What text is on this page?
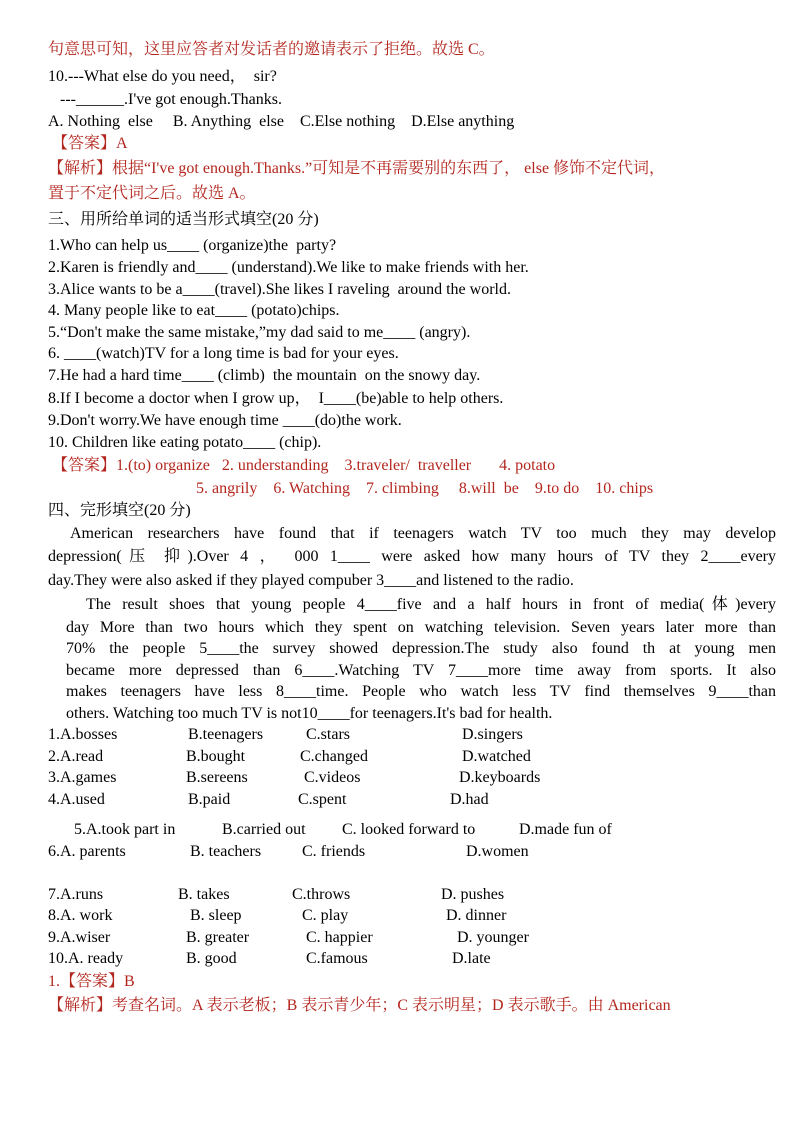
句意思可知，这里应答者对发话者的邀请表示了拒绝。故选 C。
10.---What else do you need，  sir?
---______.I've got enough.Thanks.
A. Nothing  else     B. Anything  else    C.Else nothing    D.Else anything
【答案】A
【解析】根据“I've got enough.Thanks.”可知是不再需要别的东西了， else 修饰不定代词，
置于不定代词之后。故选 A。
三、用所给单词的适当形式填空(20 分)
1.Who can help us____ (organize)the  party?
2.Karen is friendly and____ (understand).We like to make friends with her.
3.Alice wants to be a____(travel).She likes I raveling  around the world.
4. Many people like to eat____ (potato)chips.
5.“Don't make the same mistake,”my dad said to me____ (angry).
6. ____(watch)TV for a long time is bad for your eyes.
7.He had a hard time____ (climb)  the mountain  on the snowy day.
8.If I become a doctor when I grow up，  I____(be)able to help others.
9.Don't worry.We have enough time ____(do)the work.
10. Children like eating potato____ (chip).
【答案】1.(to) organize   2. understanding    3.traveler/  traveller       4. potato
5. angrily    6. Watching    7. climbing     8.will  be    9.to do    10. chips
四、完形填空(20 分)
American researchers have found that if teenagers watch TV too much they may develop
depression(压 抑).Over 4 ， 000 1____ were asked how many hours of TV they 2____every
day.They were also asked if they played compuber 3____and listened to the radio.
The result shoes that young people 4____five and a half hours in front of media(体)every
day More than two hours which they spent on watching television. Seven years later more than
70% the people 5____the survey showed depression.The study also found th at young men
became more depressed than 6____.Watching TV 7____more time away from sports. It also
makes teenagers have less 8____time. People who watch less TV find themselves 9____than
others. Watching too much TV is not10____for teenagers.It's bad for health.
1.A.bosses	B.teenagers	C.stars	D.singers
2.A.read	B.bought	C.changed	D.watched
3.A.games	B.sereens	C.videos	D.keyboards
4.A.used	B.paid	C.spent	D.had
5.A.took part in	B.carried out C. looked forward to	D.made fun of
6.A. parents	B. teachers	C. friends	D.women
7.A.runs	B. takes	C.throws	D. pushes
8.A. work	B. sleep	C. play	D. dinner
9.A.wiser	B. greater	C. happier	D. younger
10.A. ready	B. good	C.famous	D.late
1.【答案】B
【解析】考查名词。A 表示老板；B 表示青少年；C 表示明星；D 表示歌手。由 American
